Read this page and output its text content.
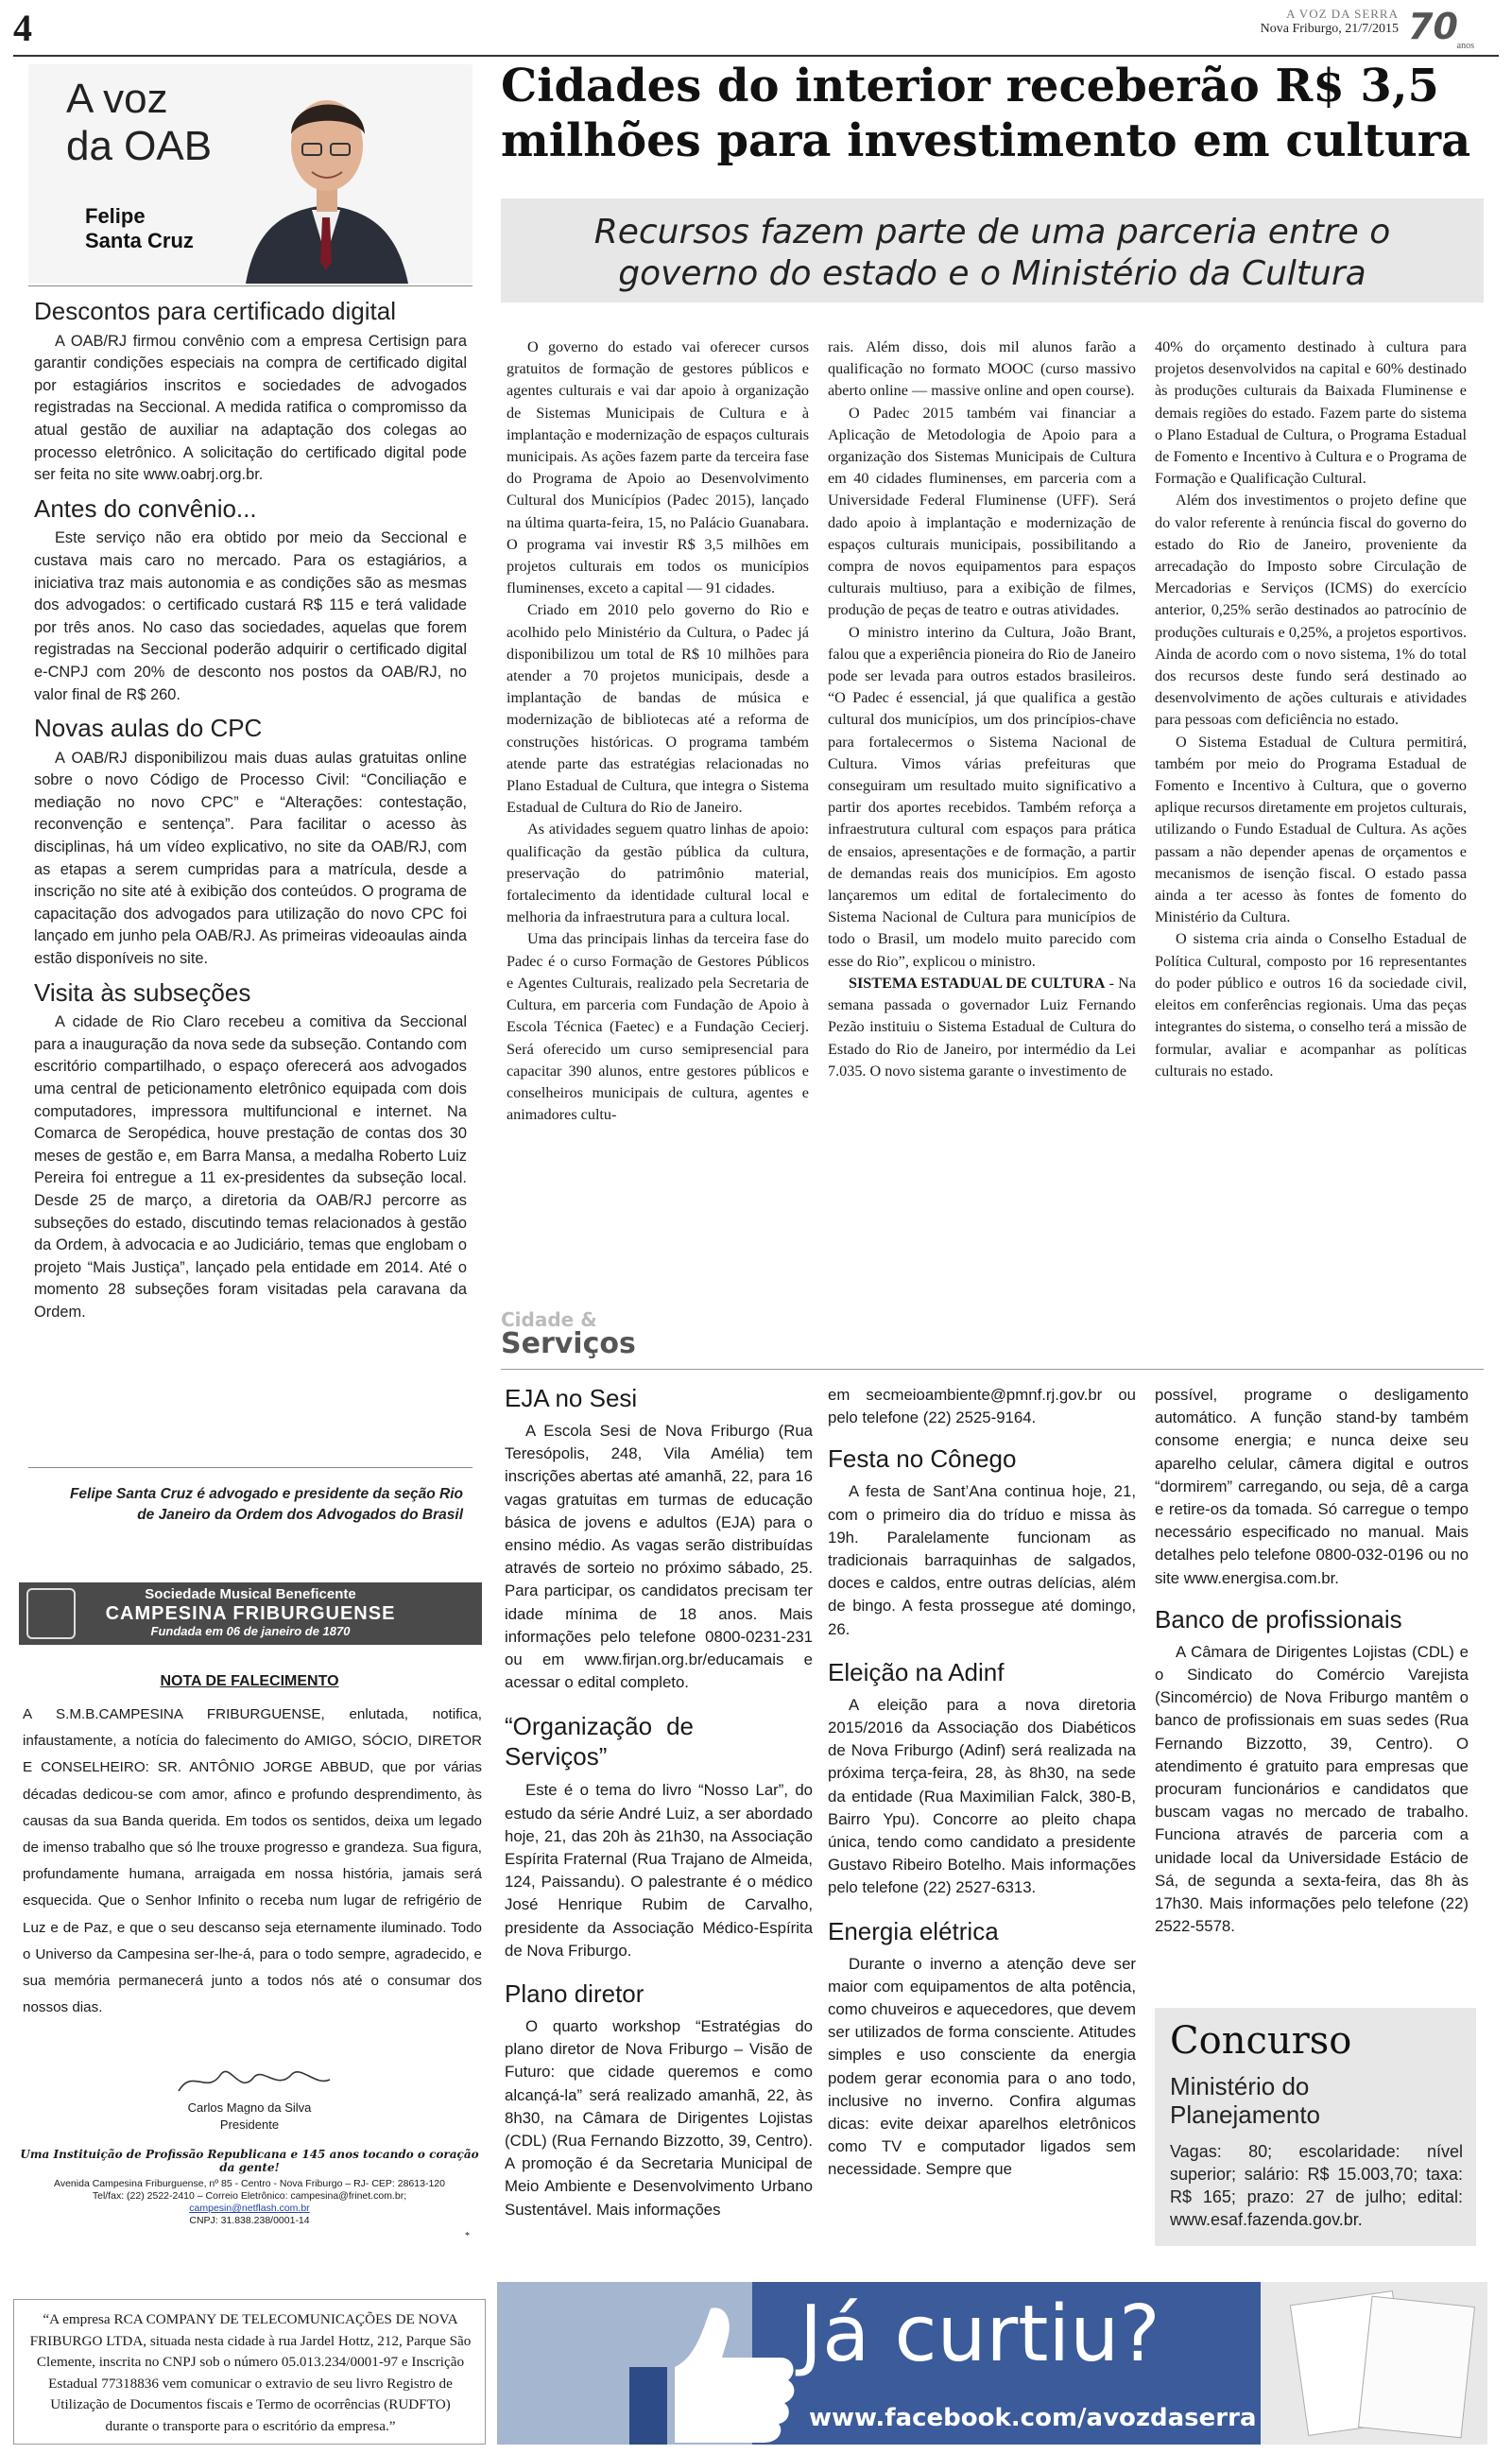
4	A VOZ DA SERRA
Nova Friburgo, 21/7/2015 70
anos
A voz
da OAB
Felipe
Santa Cruz
Descontos para certificado digital

A OAB/RJ firmou convênio com a empresa Certisign para garantir condições especiais na compra de certificado digital por estagiários inscritos e sociedades de advogados registradas na Seccional. A medida ratifica o compromisso da atual gestão de auxiliar na adaptação dos colegas ao processo eletrônico. A solicitação do certificado digital pode ser feita no site www.oabrj.org.br.

Antes do convênio...

Este serviço não era obtido por meio da Seccional e custava mais caro no mercado. Para os estagiários, a iniciativa traz mais autonomia e as condições são as mesmas dos advogados: o certificado custará R$ 115 e terá validade por três anos. No caso das sociedades, aquelas que forem registradas na Seccional poderão adquirir o certificado digital e-CNPJ com 20% de desconto nos postos da OAB/RJ, no valor final de R$ 260.

Novas aulas do CPC

A OAB/RJ disponibilizou mais duas aulas gratuitas online sobre o novo Código de Processo Civil: “Conciliação e mediação no novo CPC” e “Alterações: contestação, reconvenção e sentença”. Para facilitar o acesso às disciplinas, há um vídeo explicativo, no site da OAB/RJ, com as etapas a serem cumpridas para a matrícula, desde a inscrição no site até à exibição dos conteúdos. O programa de capacitação dos advogados para utilização do novo CPC foi lançado em junho pela OAB/RJ. As primeiras videoaulas ainda estão disponíveis no site.

Visita às subseções

A cidade de Rio Claro recebeu a comitiva da Seccional para a inauguração da nova sede da subseção. Contando com escritório compartilhado, o espaço oferecerá aos advogados uma central de peticionamento eletrônico equipada com dois computadores, impressora multifuncional e internet. Na Comarca de Seropédica, houve prestação de contas dos 30 meses de gestão e, em Barra Mansa, a medalha Roberto Luiz Pereira foi entregue a 11 ex-presidentes da subseção local. Desde 25 de março, a diretoria da OAB/RJ percorre as subseções do estado, discutindo temas relacionados à gestão da Ordem, à advocacia e ao Judiciário, temas que englobam o projeto “Mais Justiça”, lançado pela entidade em 2014. Até o momento 28 subseções foram visitadas pela caravana da Ordem.

Felipe Santa Cruz é advogado e presidente da seção Rio de Janeiro da Ordem dos Advogados do Brasil
Sociedade Musical Beneficente
CAMPESINA FRIBURGUENSE
Fundada em 06 de janeiro de 1870
NOTA DE FALECIMENTO
A S.M.B.CAMPESINA FRIBURGUENSE, enlutada, notifica, infaustamente, a notícia do falecimento do AMIGO, SÓCIO, DIRETOR E CONSELHEIRO: SR. ANTÔNIO JORGE ABBUD, que por várias décadas dedicou-se com amor, afinco e profundo desprendimento, às causas da sua Banda querida. Em todos os sentidos, deixa um legado de imenso trabalho que só lhe trouxe progresso e grandeza. Sua figura, profundamente humana, arraigada em nossa história, jamais será esquecida. Que o Senhor Infinito o receba num lugar de refrigério de Luz e de Paz, e que o seu descanso seja eternamente iluminado. Todo o Universo da Campesina ser-lhe-á, para o todo sempre, agradecido, e sua memória permanecerá junto a todos nós até o consumar dos nossos dias.
Carlos Magno da Silva
Presidente
Uma Instituição de Profissão Republicana e 145 anos tocando o coração da gente!
Avenida Campesina Friburguense, nº 85 - Centro - Nova Friburgo – RJ- CEP: 28613-120
Tel/fax: (22) 2522-2410 – Correio Eletrônico: campesina@frinet.com.br;
campesin@netflash.com.br
CNPJ: 31.838.238/0001-14
*
“A empresa RCA COMPANY DE TELECOMUNICAÇÕES DE NOVA FRIBURGO LTDA, situada nesta cidade à rua Jardel Hottz, 212, Parque São Clemente, inscrita no CNPJ sob o número 05.013.234/0001-97 e Inscrição Estadual 77318836 vem comunicar o extravio de seu livro Registro de Utilização de Documentos fiscais e Termo de ocorrências (RUDFTO) durante o transporte para o escritório da empresa.”
Cidades do interior receberão R$ 3,5 milhões para investimento em cultura
Recursos fazem parte de uma parceria entre o governo do estado e o Ministério da Cultura

O governo do estado vai oferecer cursos gratuitos de formação de gestores públicos e agentes culturais e vai dar apoio à organização de Sistemas Municipais de Cultura e à implantação e modernização de espaços culturais municipais. As ações fazem parte da terceira fase do Programa de Apoio ao Desenvolvimento Cultural dos Municípios (Padec 2015), lançado na última quarta-feira, 15, no Palácio Guanabara. O programa vai investir R$ 3,5 milhões em projetos culturais em todos os municípios fluminenses, exceto a capital — 91 cidades.

Criado em 2010 pelo governo do Rio e acolhido pelo Ministério da Cultura, o Padec já disponibilizou um total de R$ 10 milhões para atender a 70 projetos municipais, desde a implantação de bandas de música e modernização de bibliotecas até a reforma de construções históricas. O programa também atende parte das estratégias relacionadas no Plano Estadual de Cultura, que integra o Sistema Estadual de Cultura do Rio de Janeiro.

As atividades seguem quatro linhas de apoio: qualificação da gestão pública da cultura, preservação do patrimônio material, fortalecimento da identidade cultural local e melhoria da infraestrutura para a cultura local.

Uma das principais linhas da terceira fase do Padec é o curso Formação de Gestores Públicos e Agentes Culturais, realizado pela Secretaria de Cultura, em parceria com Fundação de Apoio à Escola Técnica (Faetec) e a Fundação Cecierj. Será oferecido um curso semipresencial para capacitar 390 alunos, entre gestores públicos e conselheiros municipais de cultura, agentes e animadores cultu-

rais. Além disso, dois mil alunos farão a qualificação no formato MOOC (curso massivo aberto online — massive online and open course).

O Padec 2015 também vai financiar a Aplicação de Metodologia de Apoio para a organização dos Sistemas Municipais de Cultura em 40 cidades fluminenses, em parceria com a Universidade Federal Fluminense (UFF). Será dado apoio à implantação e modernização de espaços culturais municipais, possibilitando a compra de novos equipamentos para espaços culturais multiuso, para a exibição de filmes, produção de peças de teatro e outras atividades.

O ministro interino da Cultura, João Brant, falou que a experiência pioneira do Rio de Janeiro pode ser levada para outros estados brasileiros. “O Padec é essencial, já que qualifica a gestão cultural dos municípios, um dos princípios-chave para fortalecermos o Sistema Nacional de Cultura. Vimos várias prefeituras que conseguiram um resultado muito significativo a partir dos aportes recebidos. Também reforça a infraestrutura cultural com espaços para prática de ensaios, apresentações e de formação, a partir de demandas reais dos municípios. Em agosto lançaremos um edital de fortalecimento do Sistema Nacional de Cultura para municípios de todo o Brasil, um modelo muito parecido com esse do Rio”, explicou o ministro.

SISTEMA ESTADUAL DE CULTURA - Na semana passada o governador Luiz Fernando Pezão instituiu o Sistema Estadual de Cultura do Estado do Rio de Janeiro, por intermédio da Lei 7.035. O novo sistema garante o investimento de

40% do orçamento destinado à cultura para projetos desenvolvidos na capital e 60% destinado às produções culturais da Baixada Fluminense e demais regiões do estado. Fazem parte do sistema o Plano Estadual de Cultura, o Programa Estadual de Fomento e Incentivo à Cultura e o Programa de Formação e Qualificação Cultural.

Além dos investimentos o projeto define que do valor referente à renúncia fiscal do governo do estado do Rio de Janeiro, proveniente da arrecadação do Imposto sobre Circulação de Mercadorias e Serviços (ICMS) do exercício anterior, 0,25% serão destinados ao patrocínio de produções culturais e 0,25%, a projetos esportivos. Ainda de acordo com o novo sistema, 1% do total dos recursos deste fundo será destinado ao desenvolvimento de ações culturais e atividades para pessoas com deficiência no estado.

O Sistema Estadual de Cultura permitirá, também por meio do Programa Estadual de Fomento e Incentivo à Cultura, que o governo aplique recursos diretamente em projetos culturais, utilizando o Fundo Estadual de Cultura. As ações passam a não depender apenas de orçamentos e mecanismos de isenção fiscal. O estado passa ainda a ter acesso às fontes de fomento do Ministério da Cultura.

O sistema cria ainda o Conselho Estadual de Política Cultural, composto por 16 representantes do poder público e outros 16 da sociedade civil, eleitos em conferências regionais. Uma das peças integrantes do sistema, o conselho terá a missão de formular, avaliar e acompanhar as políticas culturais no estado.

Cidade &
Serviços
EJA no Sesi

A Escola Sesi de Nova Friburgo (Rua Teresópolis, 248, Vila Amélia) tem inscrições abertas até amanhã, 22, para 16 vagas gratuitas em turmas de educação básica de jovens e adultos (EJA) para o ensino médio. As vagas serão distribuídas através de sorteio no próximo sábado, 25. Para participar, os candidatos precisam ter idade mínima de 18 anos. Mais informações pelo telefone 0800-0231-231 ou em www.firjan.org.br/educamais e acessar o edital completo.

“Organização de Serviços”

Este é o tema do livro “Nosso Lar”, do estudo da série André Luiz, a ser abordado hoje, 21, das 20h às 21h30, na Associação Espírita Fraternal (Rua Trajano de Almeida, 124, Paissandu). O palestrante é o médico José Henrique Rubim de Carvalho, presidente da Associação Médico-Espírita de Nova Friburgo.

Plano diretor

O quarto workshop “Estratégias do plano diretor de Nova Friburgo – Visão de Futuro: que cidade queremos e como alcançá-la” será realizado amanhã, 22, às 8h30, na Câmara de Dirigentes Lojistas (CDL) (Rua Fernando Bizzotto, 39, Centro). A promoção é da Secretaria Municipal de Meio Ambiente e Desenvolvimento Urbano Sustentável. Mais informações

em secmeioambiente@pmnf.rj.gov.br ou pelo telefone (22) 2525-9164.

Festa no Cônego

A festa de Sant’Ana continua hoje, 21, com o primeiro dia do tríduo e missa às 19h. Paralelamente funcionam as tradicionais barraquinhas de salgados, doces e caldos, entre outras delícias, além de bingo. A festa prossegue até domingo, 26.

Eleição na Adinf

A eleição para a nova diretoria 2015/2016 da Associação dos Diabéticos de Nova Friburgo (Adinf) será realizada na próxima terça-feira, 28, às 8h30, na sede da entidade (Rua Maximilian Falck, 380-B, Bairro Ypu). Concorre ao pleito chapa única, tendo como candidato a presidente Gustavo Ribeiro Botelho. Mais informações pelo telefone (22) 2527-6313.

Energia elétrica

Durante o inverno a atenção deve ser maior com equipamentos de alta potência, como chuveiros e aquecedores, que devem ser utilizados de forma consciente. Atitudes simples e uso consciente da energia podem gerar economia para o ano todo, inclusive no inverno. Confira algumas dicas: evite deixar aparelhos eletrônicos como TV e computador ligados sem necessidade. Sempre que

possível, programe o desligamento automático. A função stand-by também consome energia; e nunca deixe seu aparelho celular, câmera digital e outros “dormirem” carregando, ou seja, dê a carga e retire-os da tomada. Só carregue o tempo necessário especificado no manual. Mais detalhes pelo telefone 0800-032-0196 ou no site www.energisa.com.br.

Banco de profissionais

A Câmara de Dirigentes Lojistas (CDL) e o Sindicato do Comércio Varejista (Sincomércio) de Nova Friburgo mantêm o banco de profissionais em suas sedes (Rua Fernando Bizzotto, 39, Centro). O atendimento é gratuito para empresas que procuram funcionários e candidatos que buscam vagas no mercado de trabalho. Funciona através de parceria com a unidade local da Universidade Estácio de Sá, de segunda a sexta-feira, das 8h às 17h30. Mais informações pelo telefone (22) 2522-5578.

Concurso
Ministério do Planejamento
Vagas: 80; escolaridade: nível superior; salário: R$ 15.003,70; taxa: R$ 165; prazo: 27 de julho; edital: www.esaf.fazenda.gov.br.
Já curtiu?
www.facebook.com/avozdaserra
